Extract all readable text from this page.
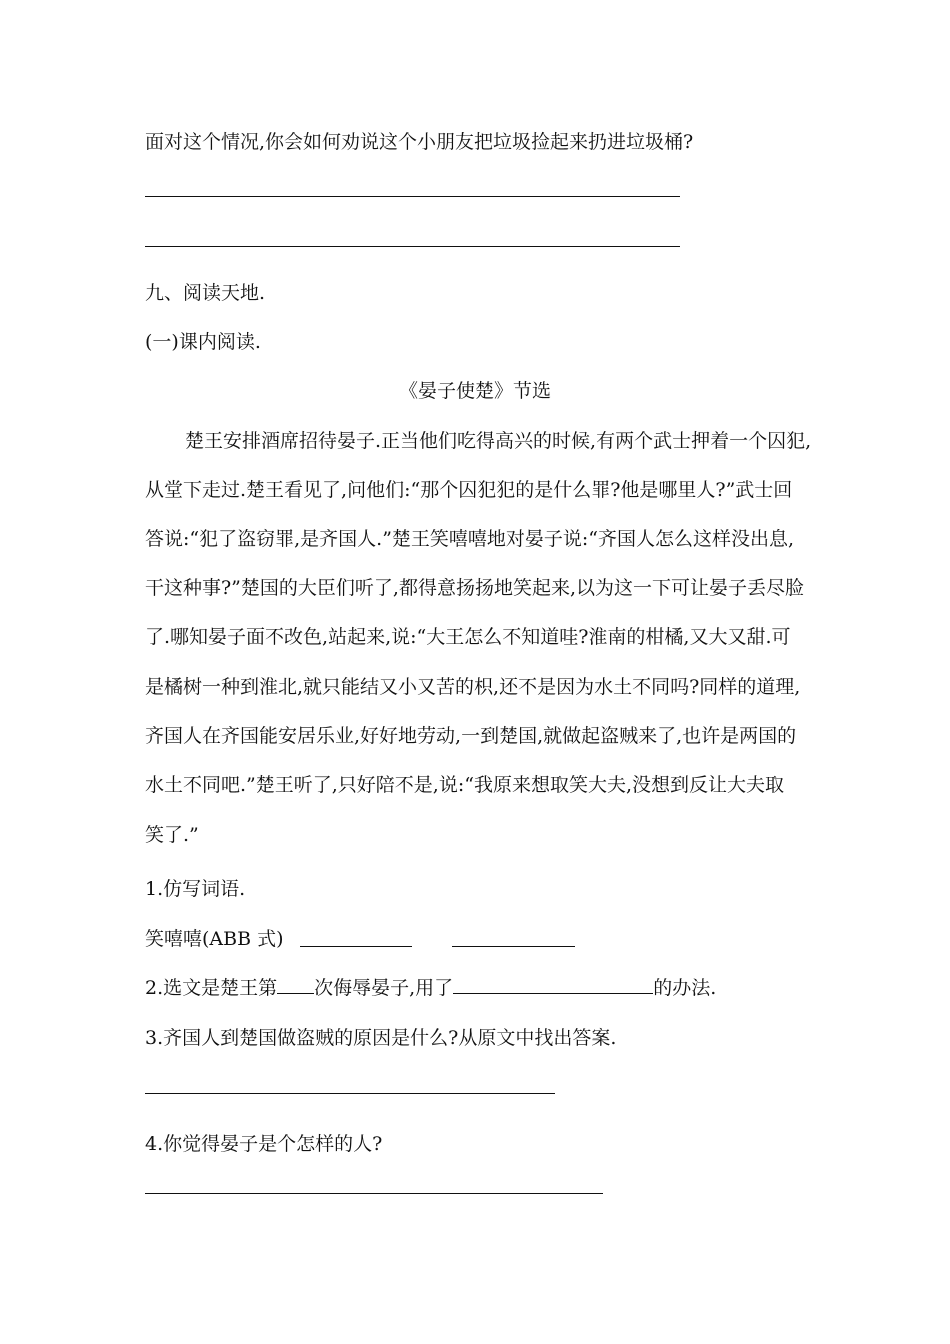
面对这个情况,你会如何劝说这个小朋友把垃圾捡起来扔进垃圾桶?
九、阅读天地.
(一)课内阅读.
《晏子使楚》节选
楚王安排酒席招待晏子.正当他们吃得高兴的时候,有两个武士押着一个囚犯,
从堂下走过.楚王看见了,问他们:“那个囚犯犯的是什么罪?他是哪里人?”武士回
答说:“犯了盗窃罪,是齐国人.”楚王笑嘻嘻地对晏子说:“齐国人怎么这样没出息,
干这种事?”楚国的大臣们听了,都得意扬扬地笑起来,以为这一下可让晏子丢尽脸
了.哪知晏子面不改色,站起来,说:“大王怎么不知道哇?淮南的柑橘,又大又甜.可
是橘树一种到淮北,就只能结又小又苦的枳,还不是因为水土不同吗?同样的道理,
齐国人在齐国能安居乐业,好好地劳动,一到楚国,就做起盗贼来了,也许是两国的
水土不同吧.”楚王听了,只好陪不是,说:“我原来想取笑大夫,没想到反让大夫取
笑了.”
1.仿写词语.
笑嘻嘻(ABB 式)
2.选文是楚王第 次侮辱晏子,用了	的办法.
3.齐国人到楚国做盗贼的原因是什么?从原文中找出答案.
4.你觉得晏子是个怎样的人?
